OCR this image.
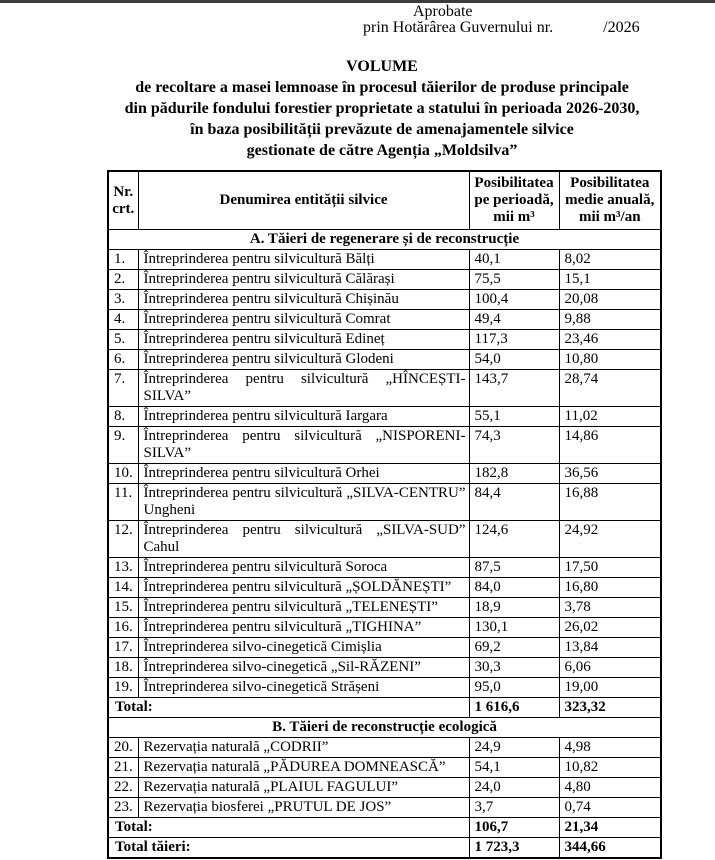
Aprobate
prin Hotărârea Guvernului nr.	/2026
VOLUME
de recoltare a masei lemnoase în procesul tăierilor de produse principale
din pădurile fondului forestier proprietate a statului în perioada 2026-2030,
în baza posibilității prevăzute de amenajamentele silvice
gestionate de către Agenția „Moldsilva”
Nr. crt.	Denumirea entității silvice	Posibilitatea pe perioadă, mii m³	Posibilitatea medie anuală, mii m³/an
A. Tăieri de regenerare și de reconstrucție			
1.	Întreprinderea pentru silvicultură Bălți	40,1	8,02
2.	Întreprinderea pentru silvicultură Călărași	75,5	15,1
3.	Întreprinderea pentru silvicultură Chișinău	100,4	20,08
4.	Întreprinderea pentru silvicultură Comrat	49,4	9,88
5.	Întreprinderea pentru silvicultură Edineț	117,3	23,46
6.	Întreprinderea pentru silvicultură Glodeni	54,0	10,80
7.	Întreprinderea pentru silvicultură „HÎNCEȘTI-SILVA”	143,7	28,74
8.	Întreprinderea pentru silvicultură Iargara	55,1	11,02
9.	Întreprinderea pentru silvicultură „NISPORENI-SILVA”	74,3	14,86
10.	Întreprinderea pentru silvicultură Orhei	182,8	36,56
11.	Întreprinderea pentru silvicultură „SILVA-CENTRU” Ungheni	84,4	16,88
12.	Întreprinderea pentru silvicultură „SILVA-SUD” Cahul	124,6	24,92
13.	Întreprinderea pentru silvicultură Soroca	87,5	17,50
14.	Întreprinderea pentru silvicultură „ȘOLDĂNEȘTI”	84,0	16,80
15.	Întreprinderea pentru silvicultură „TELENEȘTI”	18,9	3,78
16.	Întreprinderea pentru silvicultură „TIGHINA”	130,1	26,02
17.	Întreprinderea silvo-cinegetică Cimișlia	69,2	13,84
18.	Întreprinderea silvo-cinegetică „Sil-RĂZENI”	30,3	6,06
19.	Întreprinderea silvo-cinegetică Strășeni	95,0	19,00
Total:		1 616,6	323,32
B. Tăieri de reconstrucție ecologică			
20.	Rezervația naturală „CODRII”	24,9	4,98
21.	Rezervația naturală „PĂDUREA DOMNEASCĂ”	54,1	10,82
22.	Rezervația naturală „PLAIUL FAGULUI”	24,0	4,80
23.	Rezervația biosferei „PRUTUL DE JOS”	3,7	0,74
Total:		106,7	21,34
Total tăieri:		1 723,3	344,66
